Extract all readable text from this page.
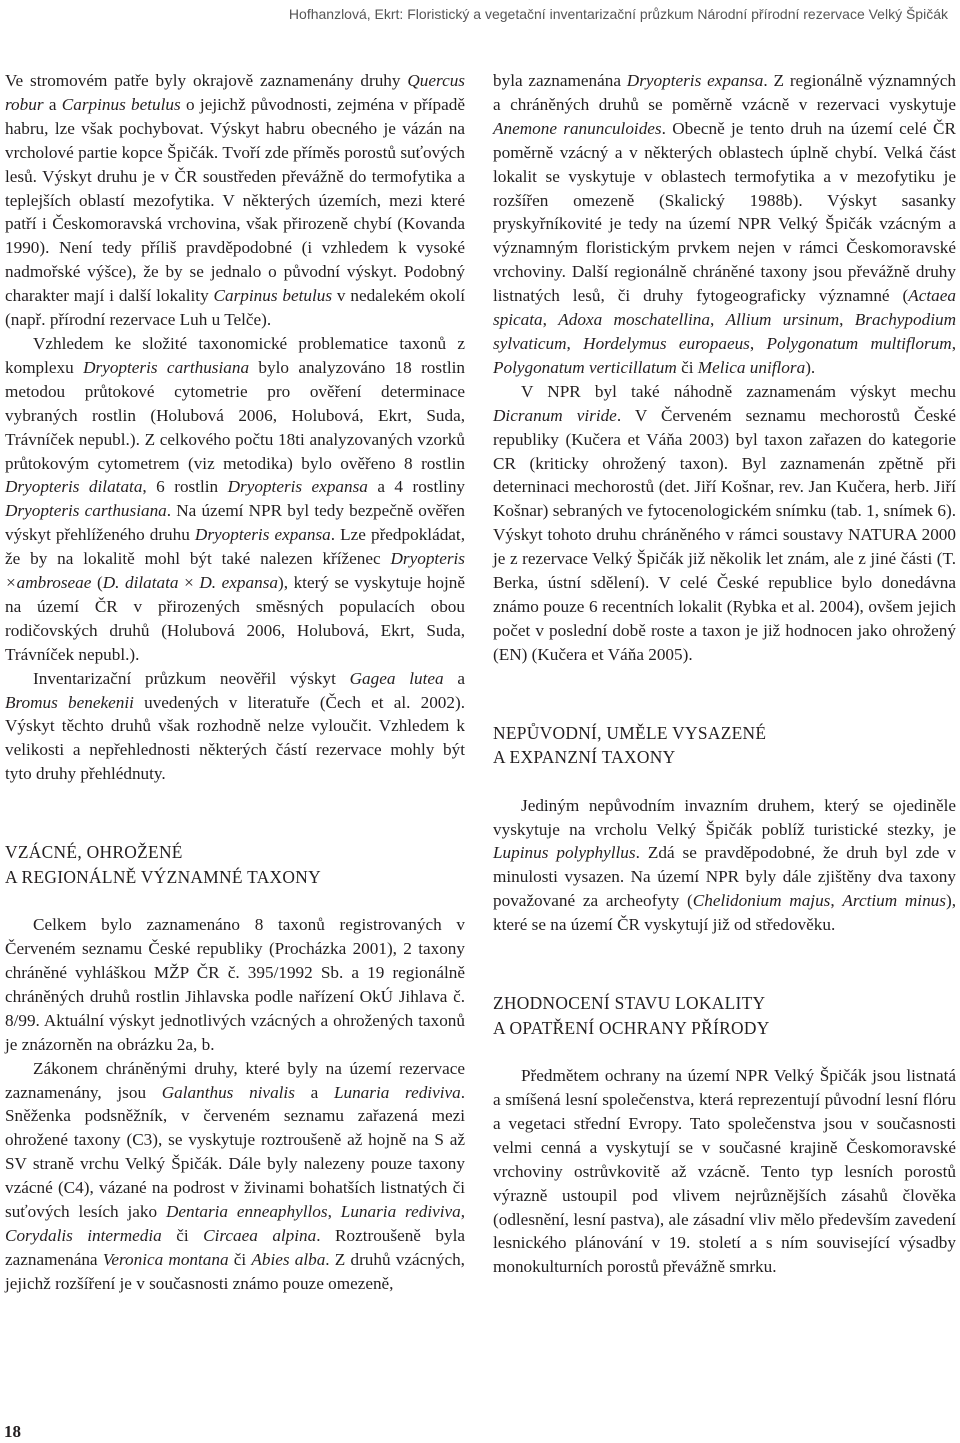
Hofhanzlová, Ekrt: Floristický a vegetační inventarizační průzkum Národní přírodní rezervace Velký Špičák

Ve stromovém patře byly okrajově zaznamenány druhy Quercus robur a Carpinus betulus o jejichž původnosti, zejména v případě habru, lze však pochybovat. Výskyt habru obecného je vázán na vrcholové partie kopce Špičák. Tvoří zde příměs porostů suťových lesů. Výskyt druhu je v ČR soustředen převážně do termofytika a teplejších oblastí mezofytika. V některých územích, mezi které patří i Českomoravská vrchovina, však přirozeně chybí (Kovanda 1990). Není tedy příliš pravděpodobné (i vzhledem k vysoké nadmořské výšce), že by se jednalo o původní výskyt. Podobný charakter mají i další lokality Carpinus betulus v nedalekém okolí (např. přírodní rezervace Luh u Telče).

Vzhledem ke složité taxonomické problematice taxonů z komplexu Dryopteris carthusiana bylo analyzováno 18 rostlin metodou průtokové cytometrie pro ověření determinace vybraných rostlin (Holubová 2006, Holubová, Ekrt, Suda, Trávníček nepubl.). Z celkového počtu 18ti analyzovaných vzorků průtokovým cytometrem (viz metodika) bylo ověřeno 8 rostlin Dryopteris dilatata, 6 rostlin Dryopteris expansa a 4 rostliny Dryopteris carthusiana. Na území NPR byl tedy bezpečně ověřen výskyt přehlíženého druhu Dryopteris expansa. Lze předpokládat, že by na lokalitě mohl být také nalezen kříženec Dryopteris ×ambroseae (D. dilatata × D. expansa), který se vyskytuje hojně na území ČR v přirozených směsných populacích obou rodičovských druhů (Holubová 2006, Holubová, Ekrt, Suda, Trávníček nepubl.).

Inventarizační průzkum neověřil výskyt Gagea lutea a Bromus benekenii uvedených v literatuře (Čech et al. 2002). Výskyt těchto druhů však rozhodně nelze vyloučit. Vzhledem k velikosti a nepřehlednosti některých částí rezervace mohly být tyto druhy přehlédnuty.

VZÁCNÉ, OHROŽENÉ
A REGIONÁLNĚ VÝZNAMNÉ TAXONY

Celkem bylo zaznamenáno 8 taxonů registrovaných v Červeném seznamu České republiky (Procházka 2001), 2 taxony chráněné vyhláškou MŽP ČR č. 395/1992 Sb. a 19 regionálně chráněných druhů rostlin Jihlavska podle nařízení OkÚ Jihlava č. 8/99. Aktuální výskyt jednotlivých vzácných a ohrožených taxonů je znázorněn na obrázku 2a, b.

Zákonem chráněnými druhy, které byly na území rezervace zaznamenány, jsou Galanthus nivalis a Lunaria rediviva. Sněženka podsněžník, v červeném seznamu zařazená mezi ohrožené taxony (C3), se vyskytuje roztroušeně až hojně na S až SV straně vrchu Velký Špičák. Dále byly nalezeny pouze taxony vzácné (C4), vázané na podrost v živinami bohatších listnatých či suťových lesích jako Dentaria enneaphyllos, Lunaria rediviva, Corydalis intermedia či Circaea alpina. Roztroušeně byla zaznamenána Veronica montana či Abies alba. Z druhů vzácných, jejichž rozšíření je v současnosti známo pouze omezeně,

byla zaznamenána Dryopteris expansa. Z regionálně významných a chráněných druhů se poměrně vzácně v rezervaci vyskytuje Anemone ranunculoides. Obecně je tento druh na území celé ČR poměrně vzácný a v některých oblastech úplně chybí. Velká část lokalit se vyskytuje v oblastech termofytika a v mezofytiku je rozšířen omezeně (Skalický 1988b). Výskyt sasanky pryskyřníkovité je tedy na území NPR Velký Špičák vzácným a významným floristickým prvkem nejen v rámci Českomoravské vrchoviny. Další regionálně chráněné taxony jsou převážně druhy listnatých lesů, či druhy fytogeograficky významné (Actaea spicata, Adoxa moschatellina, Allium ursinum, Brachypodium sylvaticum, Hordelymus europaeus, Polygonatum multiflorum, Polygonatum verticillatum či Melica uniflora).

V NPR byl také náhodně zaznamenám výskyt mechu Dicranum viride. V Červeném seznamu mechorostů České republiky (Kučera et Váňa 2003) byl taxon zařazen do kategorie CR (kriticky ohrožený taxon). Byl zaznamenán zpětně při deterninaci mechorostů (det. Jiří Košnar, rev. Jan Kučera, herb. Jiří Košnar) sebraných ve fytocenologickém snímku (tab. 1, snímek 6). Výskyt tohoto druhu chráněného v rámci soustavy NATURA 2000 je z rezervace Velký Špičák již několik let znám, ale z jiné části (T. Berka, ústní sdělení). V celé České republice bylo donedávna známo pouze 6 recentních lokalit (Rybka et al. 2004), ovšem jejich počet v poslední době roste a taxon je již hodnocen jako ohrožený (EN) (Kučera et Váňa 2005).

NEPŮVODNÍ, UMĚLE VYSAZENÉ
A EXPANZNÍ TAXONY

Jediným nepůvodním invazním druhem, který se ojediněle vyskytuje na vrcholu Velký Špičák poblíž turistické stezky, je Lupinus polyphyllus. Zdá se pravděpodobné, že druh byl zde v minulosti vysazen. Na území NPR byly dále zjištěny dva taxony považované za archeofyty (Chelidonium majus, Arctium minus), které se na území ČR vyskytují již od středověku.

ZHODNOCENÍ STAVU LOKALITY
A OPATŘENÍ OCHRANY PŘÍRODY

Předmětem ochrany na území NPR Velký Špičák jsou listnatá a smíšená lesní společenstva, která reprezentují původní lesní flóru a vegetaci střední Evropy. Tato společenstva jsou v současnosti velmi cenná a vyskytují se v současné krajině Českomoravské vrchoviny ostrůvkovitě až vzácně. Tento typ lesních porostů výrazně ustoupil pod vlivem nejrůznějších zásahů člověka (odlesnění, lesní pastva), ale zásadní vliv mělo především zavedení lesnického plánování v 19. století a s ním související výsadby monokulturních porostů převážně smrku.

18
